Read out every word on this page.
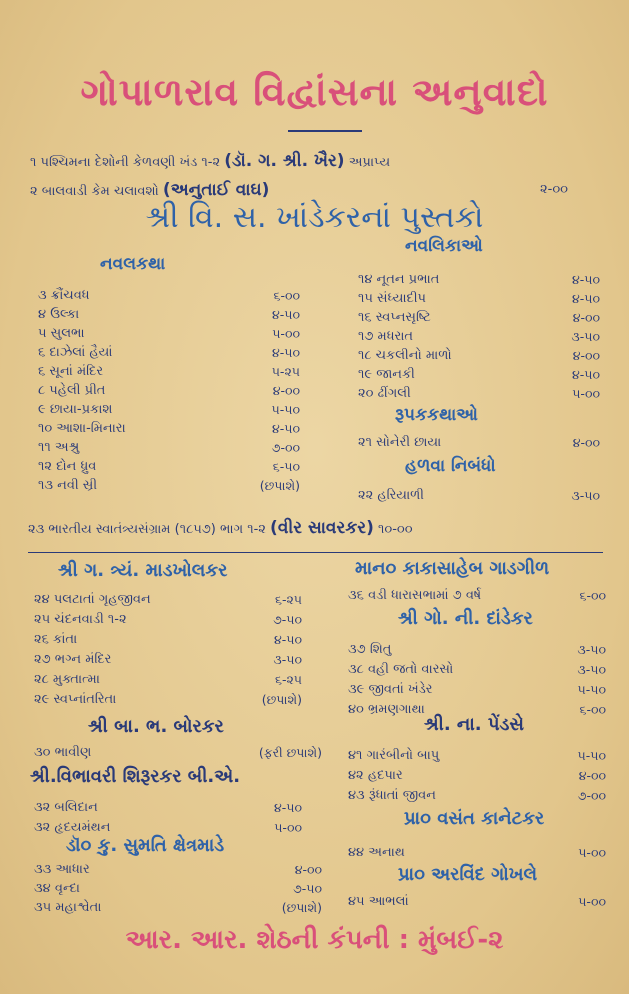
ગોપાળરાવ વિદ્વાંસના અનુવાદો
૧ પશ્ચિમના દેશોની કેળવણી ખંડ ૧-૨ (ડૉ. ગ. શ્રી. ખૈર) અપ્રાપ્ય
૨ બાલવાડી કેમ ચલાવશો (અનુતાઈ વાઘ)	૨-૦૦
શ્રી વિ. સ. ખાંડેકરનાં પુસ્તકો
નવલકથા
૩ ક્રૌંચવધ	૬-૦૦
૪ ઉલ્કા	૪-૫૦
૫ સુલભા	૫-૦૦
૬ દાઝેલાં હૈયાં	૪-૫૦
૬ સૂનાં મંદિર	૫-૨૫
૮ પહેલી પ્રીત	૪-૦૦
૯ છાયા-પ્રકાશ	૫-૫૦
૧૦ આશા-મિનારા	૪-૫૦
૧૧ અશ્રુ	૭-૦૦
૧૨ દોન ધ્રુવ	૬-૫૦
૧૩ નવી સ્રી	(છપાશે)
નવલિકાઓ
૧૪ નૂતન પ્રભાત	૪-૫૦
૧૫ સંધ્યાદીપ	૪-૫૦
૧૬ સ્વપ્નસૃષ્ટિ	૪-૦૦
૧૭ મધરાત	૩-૫૦
૧૮ ચકલીનો માળો	૪-૦૦
૧૯ જાનકી	૪-૫૦
૨૦ ઢીંગલી	૫-૦૦
રૂપકકથાઓ
૨૧ સોનેરી છાયા	૪-૦૦
હળવા નિબંધો
૨૨ હરિયાળી	૩-૫૦
૨૩ ભારતીય સ્વાતંત્ર્યસંગ્રામ (૧૮૫૭) ભાગ ૧-૨ (વીર સાવરકર) ૧૦-૦૦
શ્રી ગ. ત્ર્યં. માડખોલકર
૨૪ પલટાતાં ગૃહજીવન	૬-૨૫
૨૫ ચંદનવાડી ૧-૨	૭-૫૦
૨૬ કાંતા	૪-૫૦
૨૭ ભગ્ન મંદિર	૩-૫૦
૨૮ મુક્તાત્મા	૬-૨૫
૨૯ સ્વપ્નાંતરિતા	(છપાશે)
શ્રી બા. ભ. બોરકર
૩૦ ભાવીણ	(ફરી છપાશે)
શ્રી.વિભાવરી શિરૂરકર બી.એ.
૩૨ બલિદાન	૪-૫૦
૩૨ હૃદયમંથન	૫-૦૦
ડૉ૦ કુ. સુમતિ ક્ષેત્રમાડે
૩૩ આધાર	૪-૦૦
૩૪ વૃન્દા	૭-૫૦
૩૫ મહાશ્વેતા	(છપાશે)
માન૦ કાકાસાહેબ ગાડગીળ
૩૬ વડી ધારાસભામાં ૭ વર્ષ	૬-૦૦
શ્રી ગો. ની. દાંડેકર
૩૭ શિતુ	૩-૫૦
૩૮ વહી જતો વારસો	૩-૫૦
૩૯ જીવતાં ખંડેર	૫-૫૦
૪૦ ભ્રમણગાથા	૬-૦૦
શ્રી. ના. પેંડસે
૪૧ ગારંબીનો બાપુ	૫-૫૦
૪૨ હદપાર	૪-૦૦
૪૩ રૂંધાતાં જીવન	૭-૦૦
પ્રા૦ વસંત કાનેટકર
૪૪ અનાથ	૫-૦૦
પ્રા૦ અરવિંદ ગોખલે
૪૫ આભલાં	૫-૦૦
આર. આર. શેઠની કંપની : મુંબઈ-૨
